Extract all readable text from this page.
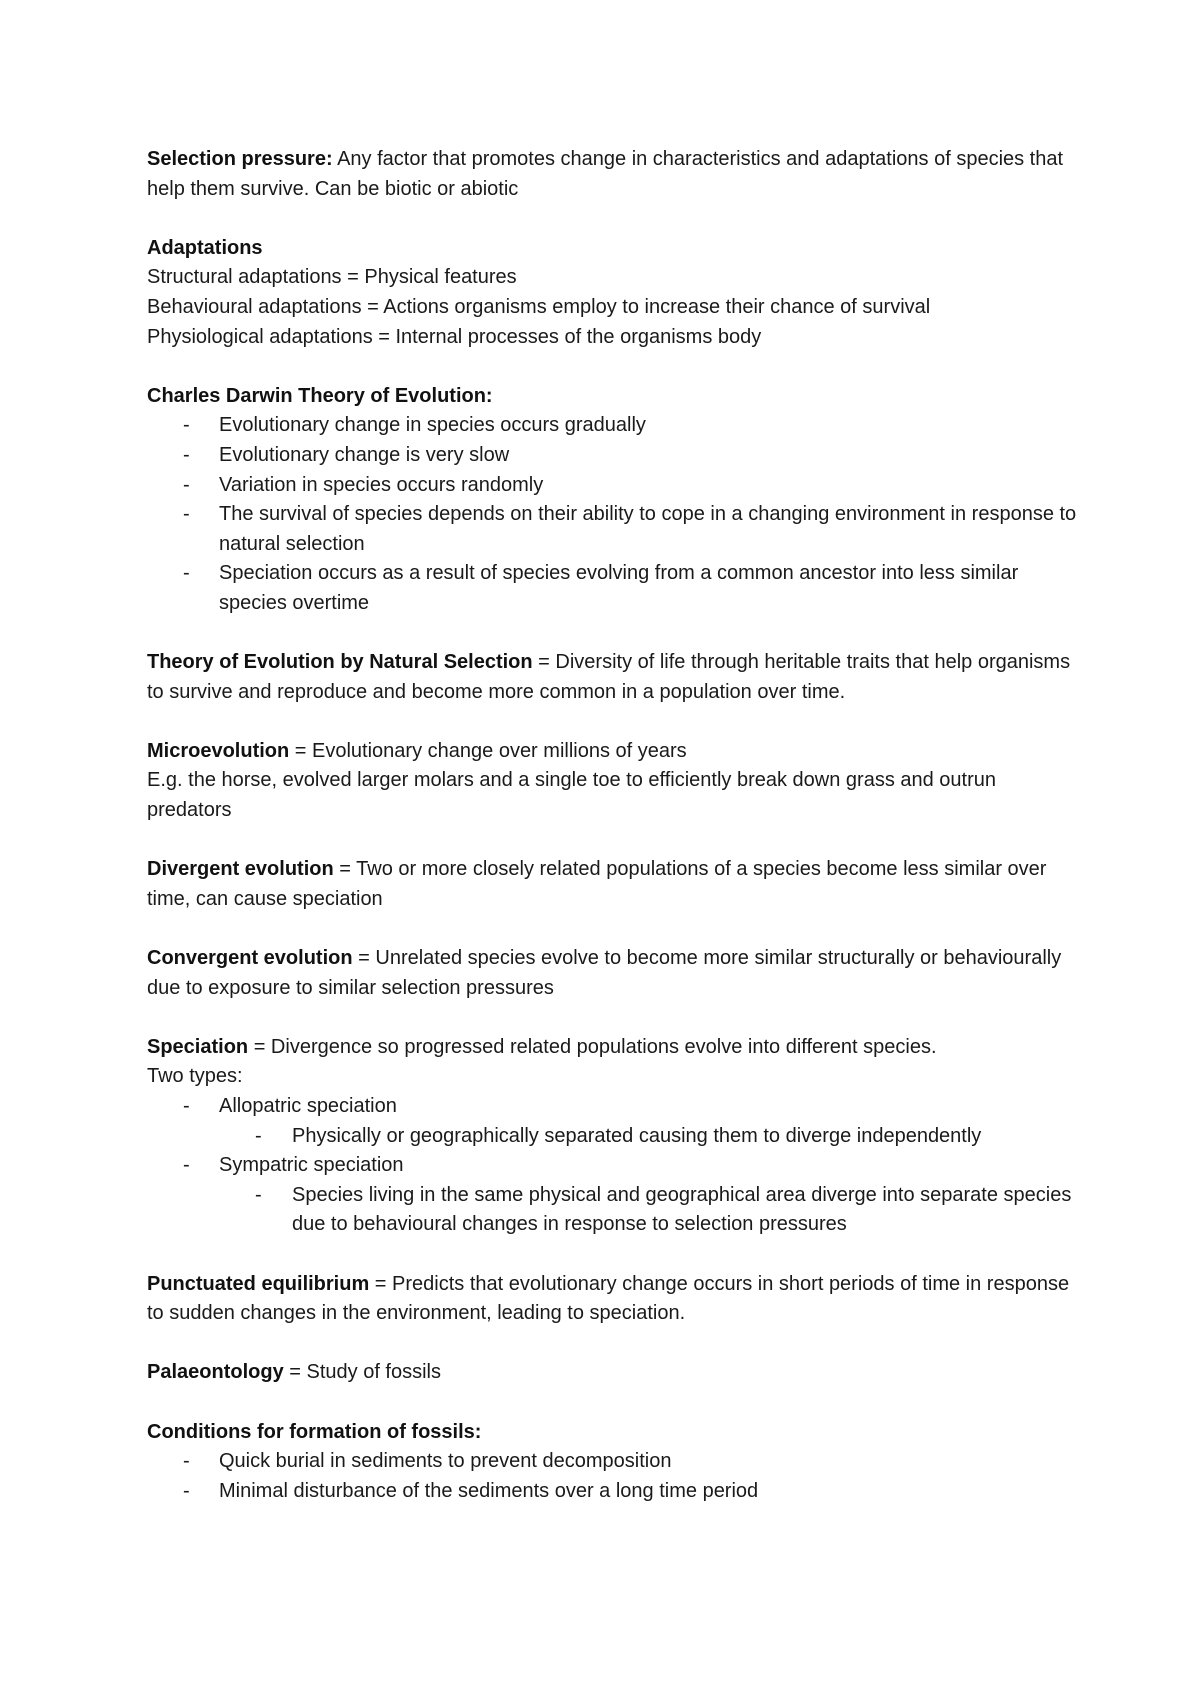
Selection pressure: Any factor that promotes change in characteristics and adaptations of species that help them survive. Can be biotic or abiotic

Adaptations

Structural adaptations = Physical features

Behavioural adaptations = Actions organisms employ to increase their chance of survival

Physiological adaptations = Internal processes of the organisms body

Charles Darwin Theory of Evolution:

- Evolutionary change in species occurs gradually
- Evolutionary change is very slow
- Variation in species occurs randomly
- The survival of species depends on their ability to cope in a changing environment in response to natural selection
- Speciation occurs as a result of species evolving from a common ancestor into less similar species overtime

Theory of Evolution by Natural Selection = Diversity of life through heritable traits that help organisms to survive and reproduce and become more common in a population over time.

Microevolution = Evolutionary change over millions of years

E.g. the horse, evolved larger molars and a single toe to efficiently break down grass and outrun predators

Divergent evolution = Two or more closely related populations of a species become less similar over time, can cause speciation

Convergent evolution = Unrelated species evolve to become more similar structurally or behaviourally due to exposure to similar selection pressures

Speciation = Divergence so progressed related populations evolve into different species.

Two types:

- Allopatric speciation
- Physically or geographically separated causing them to diverge independently
- Sympatric speciation
- Species living in the same physical and geographical area diverge into separate species due to behavioural changes in response to selection pressures

Punctuated equilibrium = Predicts that evolutionary change occurs in short periods of time in response to sudden changes in the environment, leading to speciation.

Palaeontology = Study of fossils

Conditions for formation of fossils:

- Quick burial in sediments to prevent decomposition
- Minimal disturbance of the sediments over a long time period
